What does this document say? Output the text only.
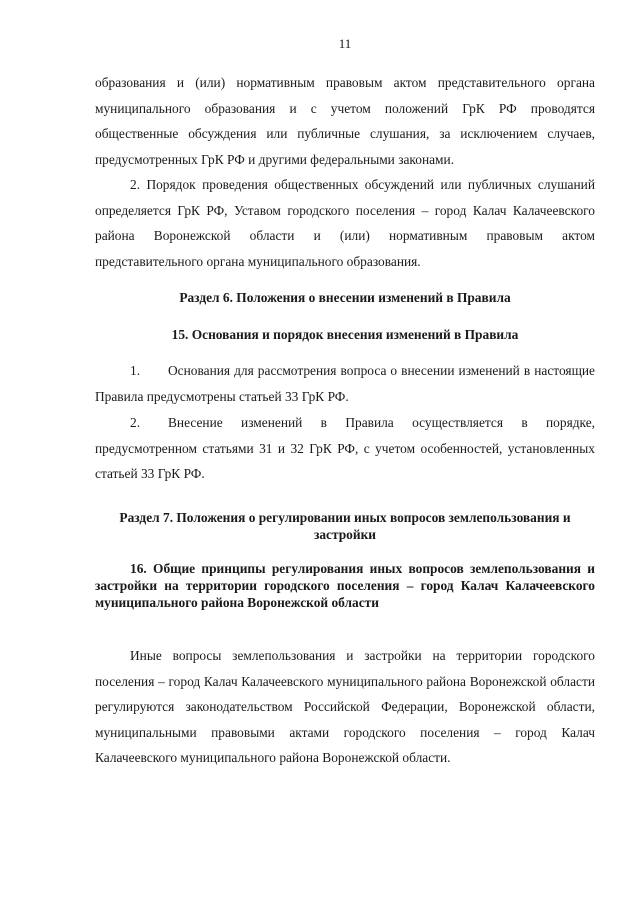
11

образования и (или) нормативным правовым актом представительного органа муниципального образования и с учетом положений ГрК РФ проводятся общественные обсуждения или публичные слушания, за исключением случаев, предусмотренных ГрК РФ и другими федеральными законами.

2. Порядок проведения общественных обсуждений или публичных слушаний определяется ГрК РФ, Уставом городского поселения – город Калач Калачеевского района Воронежской области и (или) нормативным правовым актом представительного органа муниципального образования.

Раздел 6. Положения о внесении изменений в Правила
15. Основания и порядок внесения изменений в Правила

1. Основания для рассмотрения вопроса о внесении изменений в настоящие Правила предусмотрены статьей 33 ГрК РФ.

2. Внесение изменений в Правила осуществляется в порядке, предусмотренном статьями 31 и 32 ГрК РФ, с учетом особенностей, установленных статьей 33 ГрК РФ.

Раздел 7. Положения о регулировании иных вопросов землепользования и застройки
16. Общие принципы регулирования иных вопросов землепользования и застройки на территории городского поселения – город Калач Калачеевского муниципального района Воронежской области

Иные вопросы землепользования и застройки на территории городского поселения – город Калач Калачеевского муниципального района Воронежской области регулируются законодательством Российской Федерации, Воронежской области, муниципальными правовыми актами городского поселения – город Калач Калачеевского муниципального района Воронежской области.
